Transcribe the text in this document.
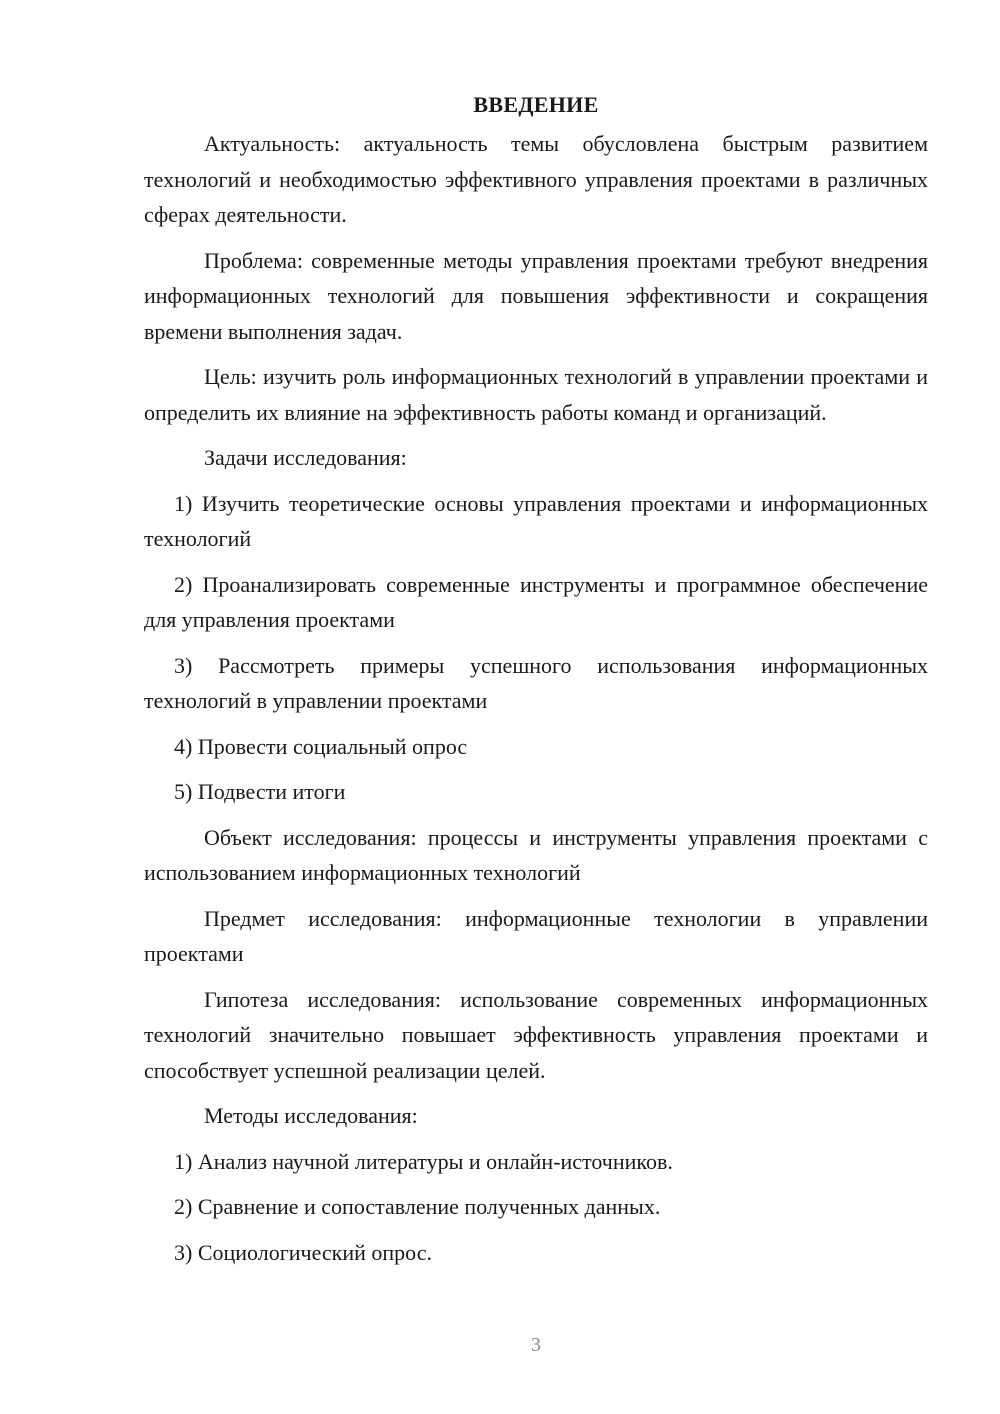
ВВЕДЕНИЕ

Актуальность: актуальность темы обусловлена быстрым развитием технологий и необходимостью эффективного управления проектами в различных сферах деятельности.

Проблема: современные методы управления проектами требуют внедрения информационных технологий для повышения эффективности и сокращения времени выполнения задач.

Цель: изучить роль информационных технологий в управлении проектами и определить их влияние на эффективность работы команд и организаций.

Задачи исследования:

1) Изучить теоретические основы управления проектами и информационных технологий

2) Проанализировать современные инструменты и программное обеспечение для управления проектами

3) Рассмотреть примеры успешного использования информационных технологий в управлении проектами

4) Провести социальный опрос

5) Подвести итоги

Объект исследования: процессы и инструменты управления проектами с использованием информационных технологий

Предмет исследования: информационные технологии в управлении проектами

Гипотеза исследования: использование современных информационных технологий значительно повышает эффективность управления проектами и способствует успешной реализации целей.

Методы исследования:

1) Анализ научной литературы и онлайн-источников.

2) Сравнение и сопоставление полученных данных.

3) Социологический опрос.

3
